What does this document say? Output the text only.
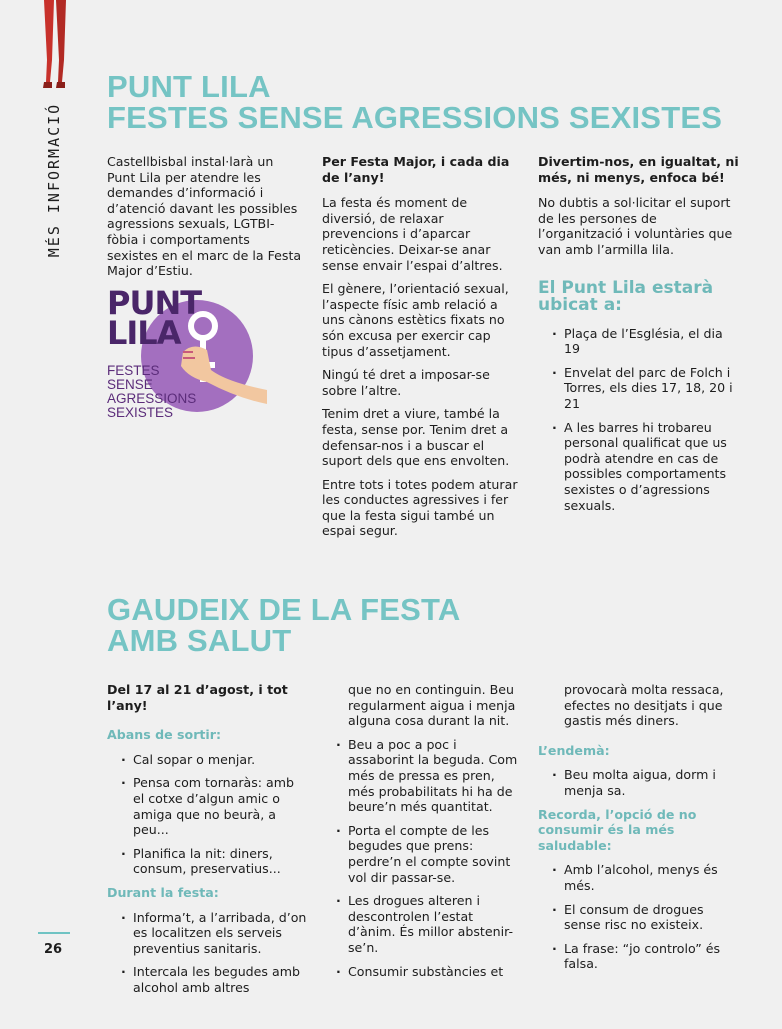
MÉS INFORMACIÓ
26
PUNT LILA
FESTES SENSE AGRESSIONS SEXISTES

Castellbisbal instal·larà un Punt Lila per atendre les demandes d’informació i d’atenció davant les possibles agressions sexuals, LGTBI-fòbia i comportaments sexistes en el marc de la Festa Major d’Estiu.

PUNT
LILA
FESTES
SENSE
AGRESSIONS
SEXISTES

Per Festa Major, i cada dia de l’any!

La festa és moment de diversió, de relaxar prevencions i d’aparcar reticències. Deixar-se anar sense envair l’espai d’altres.

El gènere, l’orientació sexual, l’aspecte físic amb relació a uns cànons estètics fixats no són excusa per exercir cap tipus d’assetjament.

Ningú té dret a imposar-se sobre l’altre.

Tenim dret a viure, també la festa, sense por. Tenim dret a defensar-nos i a buscar el suport dels que ens envolten.

Entre tots i totes podem aturar les conductes agressives i fer que la festa sigui també un espai segur.

Divertim-nos, en igualtat, ni més, ni menys, enfoca bé!

No dubtis a sol·licitar el suport de les persones de l’organització i voluntàries que van amb l’armilla lila.

El Punt Lila estarà ubicat a:
· Plaça de l’Església, el dia 19
· Envelat del parc de Folch i Torres, els dies 17, 18, 20 i 21
· A les barres hi trobareu personal qualificat que us podrà atendre en cas de possibles comportaments sexistes o d’agressions sexuals.
GAUDEIX DE LA FESTA
AMB SALUT

Del 17 al 21 d’agost, i tot l’any!

Abans de sortir:
· Cal sopar o menjar.
· Pensa com tornaràs: amb el cotxe d’algun amic o amiga que no beurà, a peu...
· Planifica la nit: diners, consum, preservatius...
Durant la festa:
· Informa’t, a l’arribada, d’on es localitzen els serveis preventius sanitaris.
· Intercala les begudes amb alcohol amb altres

que no en continguin. Beu regularment aigua i menja alguna cosa durant la nit.

· Beu a poc a poc i assaborint la beguda. Com més de pressa es pren, més probabilitats hi ha de beure’n més quantitat.
· Porta el compte de les begudes que prens: perdre’n el compte sovint vol dir passar-se.
· Les drogues alteren i descontrolen l’estat d’ànim. És millor abstenir-se’n.
· Consumir substàncies et

provocarà molta ressaca, efectes no desitjats i que gastis més diners.

L’endemà:
· Beu molta aigua, dorm i menja sa.
Recorda, l’opció de no consumir és la més saludable:
· Amb l’alcohol, menys és més.
· El consum de drogues sense risc no existeix.
· La frase: “jo controlo” és falsa.
